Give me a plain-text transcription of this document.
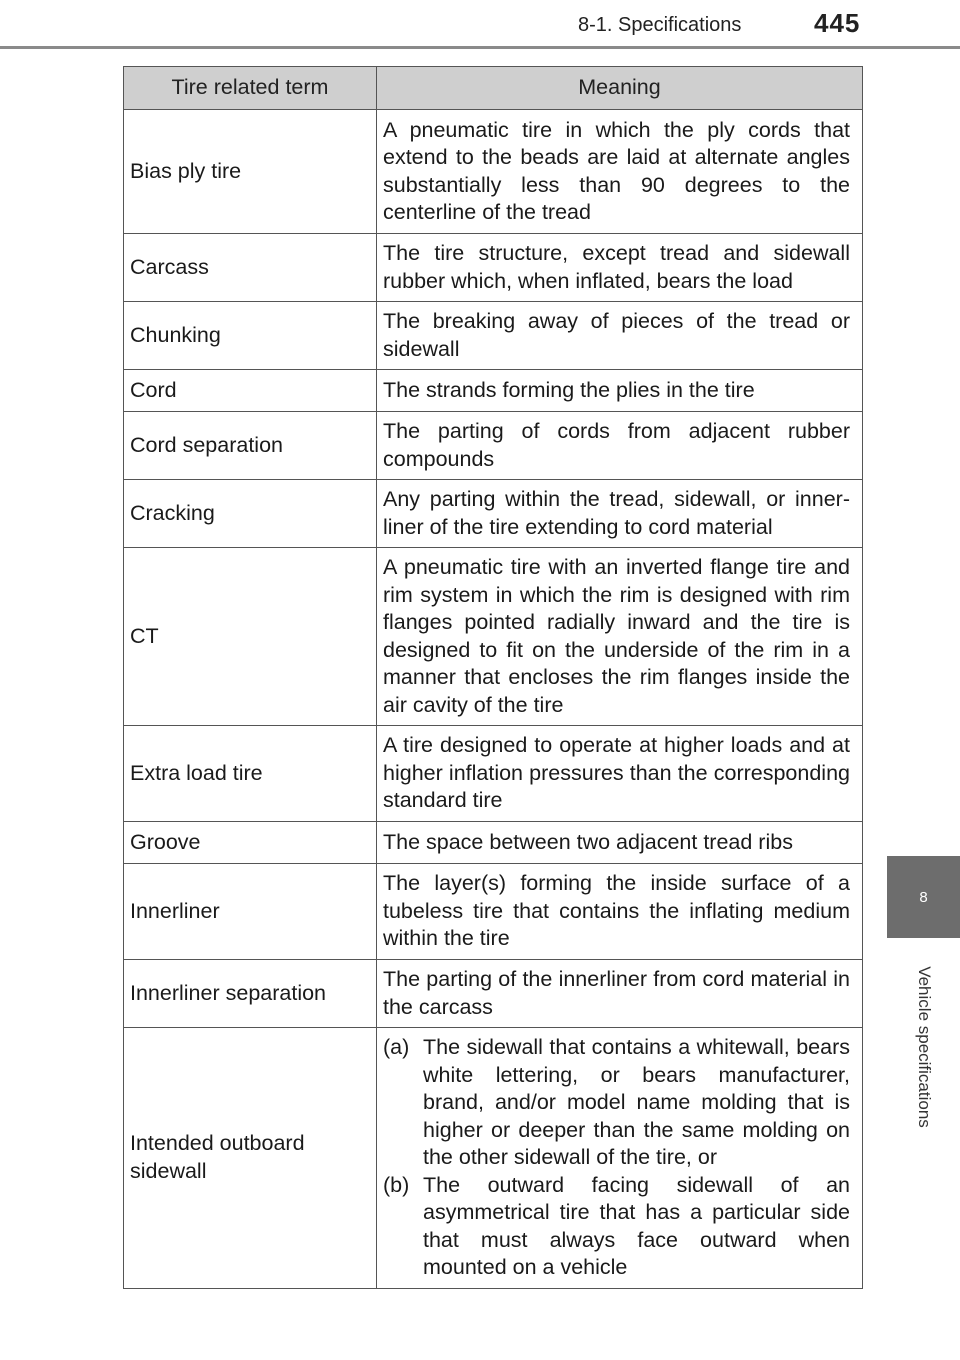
8-1. Specifications	445
8
Vehicle specifications
Tire related term	Meaning
Bias ply tire	A pneumatic tire in which the ply cords that extend to the beads are laid at alternate angles substantially less than 90 degrees to the centerline of the tread
Carcass	The tire structure, except tread and sidewall rubber which, when inflated, bears the load
Chunking	The breaking away of pieces of the tread or sidewall
Cord	The strands forming the plies in the tire
Cord separation	The parting of cords from adjacent rubber compounds
Cracking	Any parting within the tread, sidewall, or inner-liner of the tire extending to cord material
CT	A pneumatic tire with an inverted flange tire and rim system in which the rim is designed with rim flanges pointed radially inward and the tire is designed to fit on the underside of the rim in a manner that encloses the rim flanges inside the air cavity of the tire
Extra load tire	A tire designed to operate at higher loads and at higher inflation pressures than the corresponding standard tire
Groove	The space between two adjacent tread ribs
Innerliner	The layer(s) forming the inside surface of a tubeless tire that contains the inflating medium within the tire
Innerliner separation	The parting of the innerliner from cord material in the carcass
Intended outboard sidewall	(a) The sidewall that contains a whitewall, bears white lettering, or bears manufacturer, brand, and/or model name molding that is higher or deeper than the same molding on the other sidewall of the tire, or
(b) The outward facing sidewall of an asymmetrical tire that has a particular side that must always face outward when mounted on a vehicle
